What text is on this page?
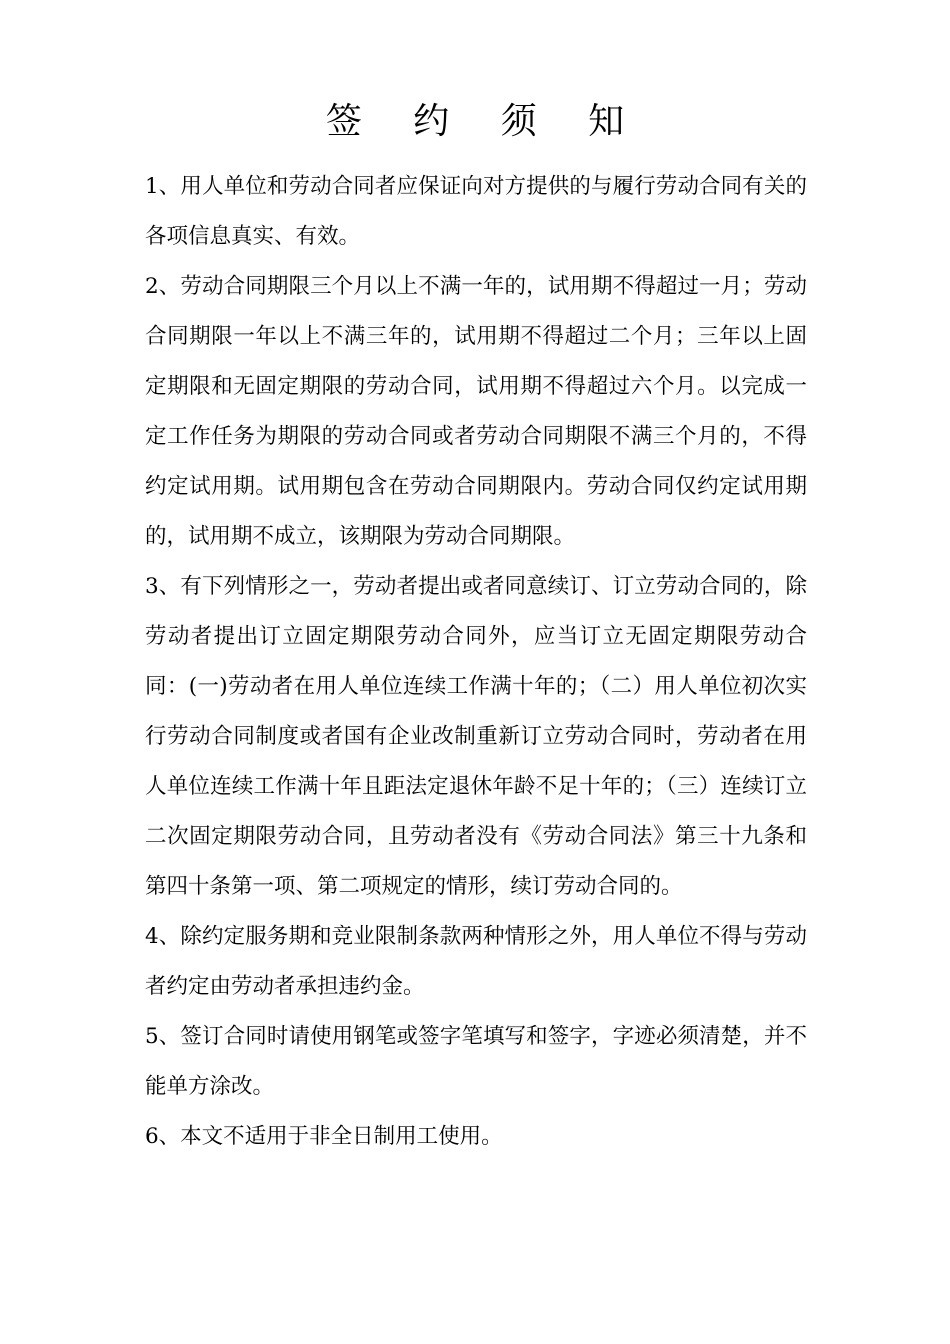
签 约 须 知

1、用人单位和劳动合同者应保证向对方提供的与履行劳动合同有关的各项信息真实、有效。

2、劳动合同期限三个月以上不满一年的，试用期不得超过一月；劳动合同期限一年以上不满三年的，试用期不得超过二个月；三年以上固定期限和无固定期限的劳动合同，试用期不得超过六个月。以完成一定工作任务为期限的劳动合同或者劳动合同期限不满三个月的，不得约定试用期。试用期包含在劳动合同期限内。劳动合同仅约定试用期的，试用期不成立，该期限为劳动合同期限。

3、有下列情形之一，劳动者提出或者同意续订、订立劳动合同的，除劳动者提出订立固定期限劳动合同外，应当订立无固定期限劳动合同：(一)劳动者在用人单位连续工作满十年的；（二）用人单位初次实行劳动合同制度或者国有企业改制重新订立劳动合同时，劳动者在用人单位连续工作满十年且距法定退休年龄不足十年的；（三）连续订立二次固定期限劳动合同，且劳动者没有《劳动合同法》第三十九条和第四十条第一项、第二项规定的情形，续订劳动合同的。

4、除约定服务期和竞业限制条款两种情形之外，用人单位不得与劳动者约定由劳动者承担违约金。

5、签订合同时请使用钢笔或签字笔填写和签字，字迹必须清楚，并不能单方涂改。

6、本文不适用于非全日制用工使用。
